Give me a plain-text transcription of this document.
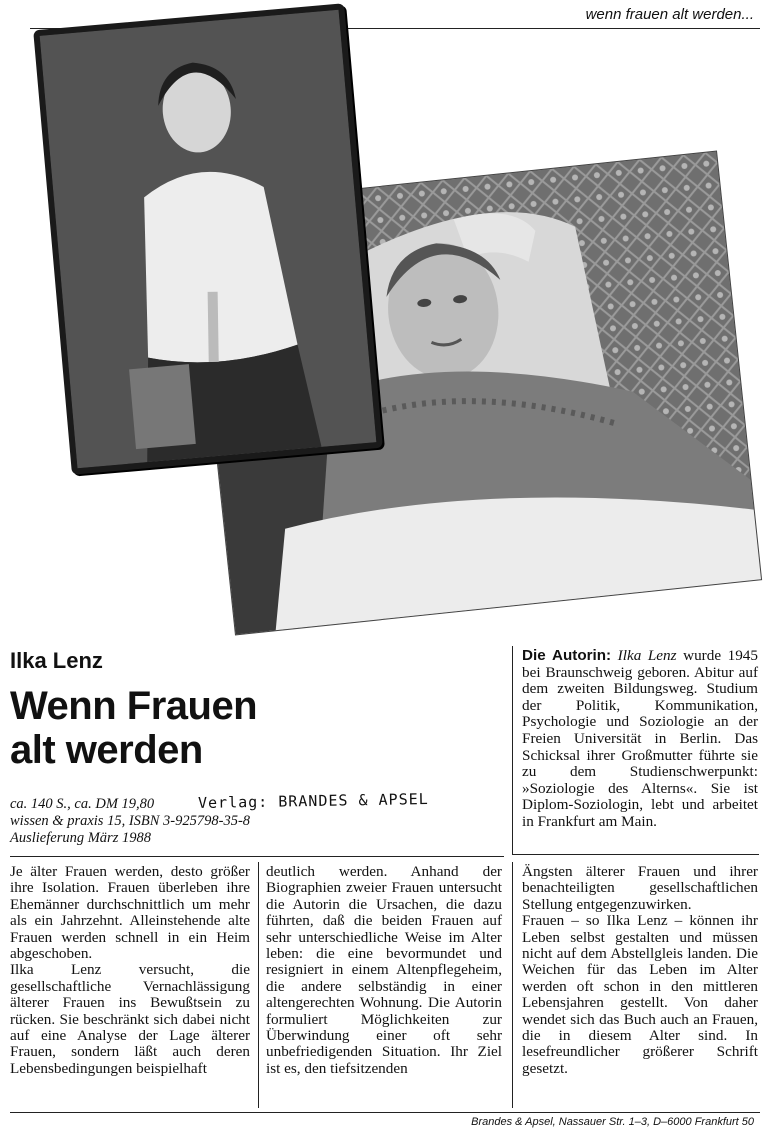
wenn frauen alt werden...
Ilka Lenz
Wenn Frauen
alt werden
ca. 140 S., ca. DM 19,80
wissen & praxis 15, ISBN 3-925798-35-8
Auslieferung März 1988
Verlag: BRANDES & APSEL
Die Autorin: Ilka Lenz wurde 1945 bei Braunschweig geboren. Abitur auf dem zweiten Bildungsweg. Studium der Politik, Kommunikation, Psychologie und Soziologie an der Freien Universität in Berlin. Das Schicksal ihrer Großmutter führte sie zu dem Studienschwerpunkt: »Soziologie des Alterns«. Sie ist Diplom-Soziologin, lebt und arbeitet in Frankfurt am Main.

Je älter Frauen werden, desto größer ihre Isolation. Frauen überleben ihre Ehemänner durchschnittlich um mehr als ein Jahrzehnt. Alleinstehende alte Frauen werden schnell in ein Heim abgeschoben.

Ilka Lenz versucht, die gesellschaftliche Vernachlässigung älterer Frauen ins Bewußtsein zu rücken. Sie beschränkt sich dabei nicht auf eine Analyse der Lage älterer Frauen, sondern läßt auch deren Lebensbedingungen beispielhaft

deutlich werden. Anhand der Biographien zweier Frauen untersucht die Autorin die Ursachen, die dazu führten, daß die beiden Frauen auf sehr unterschiedliche Weise im Alter leben: die eine bevormundet und resigniert in einem Altenpflegeheim, die andere selbständig in einer altengerechten Wohnung. Die Autorin formuliert Möglichkeiten zur Überwindung einer oft sehr unbefriedigenden Situation. Ihr Ziel ist es, den tiefsitzenden

Ängsten älterer Frauen und ihrer benachteiligten gesellschaftlichen Stellung entgegenzuwirken.

Frauen – so Ilka Lenz – können ihr Leben selbst gestalten und müssen nicht auf dem Abstellgleis landen. Die Weichen für das Leben im Alter werden oft schon in den mittleren Lebensjahren gestellt. Von daher wendet sich das Buch auch an Frauen, die in diesem Alter sind. In lesefreundlicher größerer Schrift gesetzt.

Brandes & Apsel, Nassauer Str. 1–3, D–6000 Frankfurt 50
